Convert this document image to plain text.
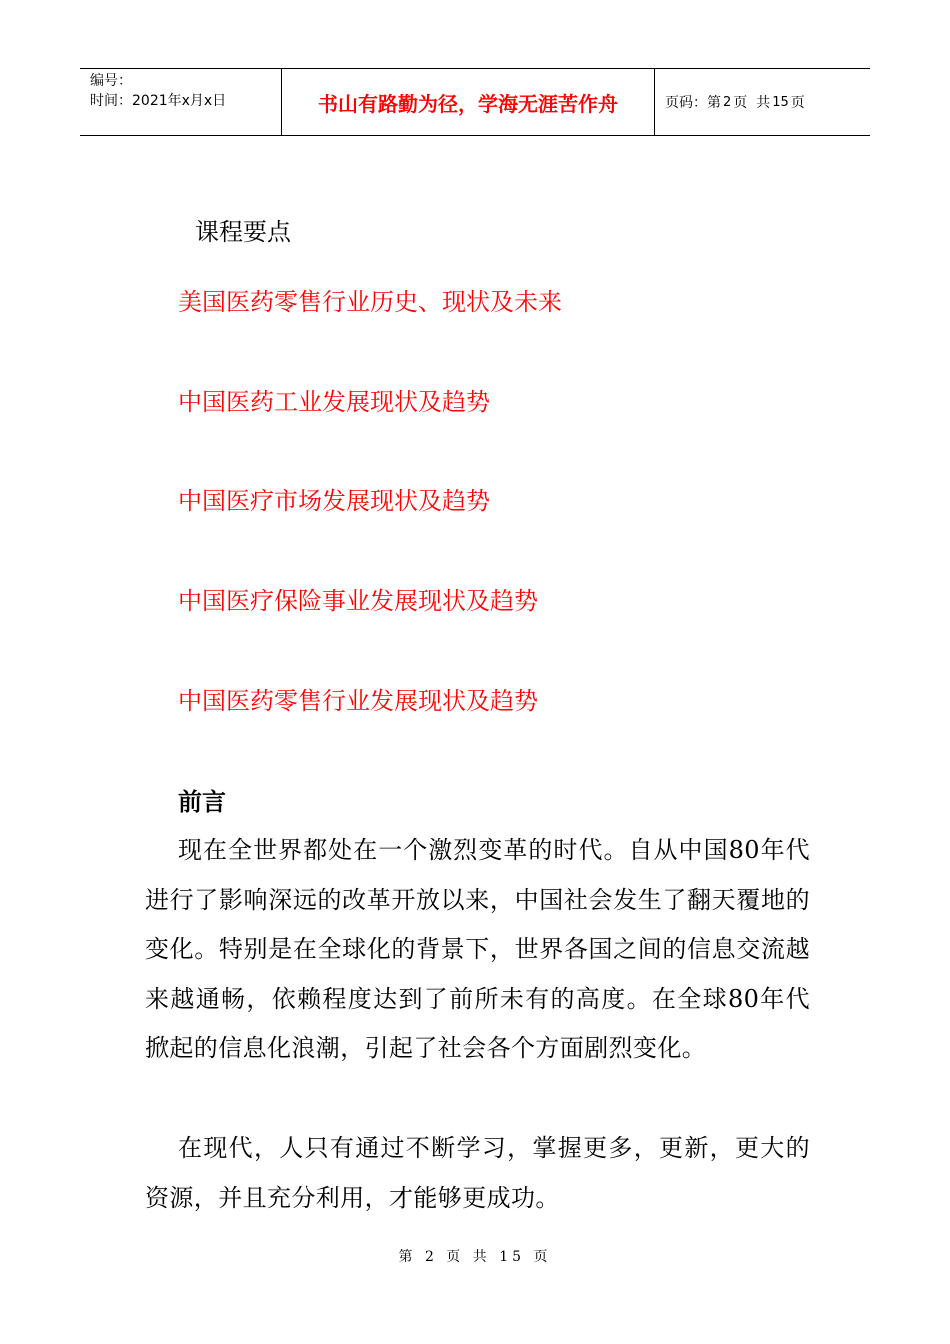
编号：
时间：2021年x月x日	书山有路勤为径，学海无涯苦作舟	页码：第 2 页  共 15 页
课程要点
美国医药零售行业历史、现状及未来
中国医药工业发展现状及趋势
中国医疗市场发展现状及趋势
中国医疗保险事业发展现状及趋势
中国医药零售行业发展现状及趋势
前言

现在全世界都处在一个激烈变革的时代。自从中国80年代进行了影响深远的改革开放以来，中国社会发生了翻天覆地的变化。特别是在全球化的背景下，世界各国之间的信息交流越来越通畅，依赖程度达到了前所未有的高度。在全球80年代掀起的信息化浪潮，引起了社会各个方面剧烈变化。

在现代，人只有通过不断学习，掌握更多，更新，更大的资源，并且充分利用，才能够更成功。

第 2 页 共 15 页
